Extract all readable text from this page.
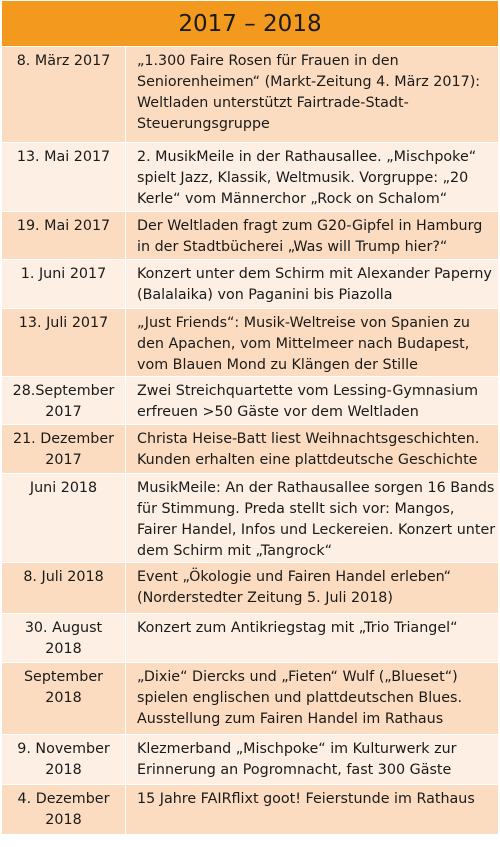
2017 – 2018	
8. März 2017	„1.300 Faire Rosen für Frauen in den Seniorenheimen“ (Markt-Zeitung 4. März 2017): Weltladen unterstützt Fairtrade-Stadt-Steuerungsgruppe
13. Mai 2017	2. MusikMeile in der Rathausallee. „Mischpoke“ spielt Jazz, Klassik, Weltmusik. Vorgruppe: „20 Kerle“ vom Männerchor „Rock on Schalom“
19. Mai 2017	Der Weltladen fragt zum G20-Gipfel in Hamburg in der Stadtbücherei „Was will Trump hier?“
1. Juni 2017	Konzert unter dem Schirm mit Alexander Paperny (Balalaika) von Paganini bis Piazolla
13. Juli 2017	„Just Friends“: Musik-Weltreise von Spanien zu den Apachen, vom Mittelmeer nach Budapest, vom Blauen Mond zu Klängen der Stille
28.September 2017	Zwei Streichquartette vom Lessing-Gymnasium erfreuen >50 Gäste vor dem Weltladen
21. Dezember 2017	Christa Heise-Batt liest Weihnachtsgeschichten. Kunden erhalten eine plattdeutsche Geschichte
Juni 2018	MusikMeile: An der Rathausallee sorgen 16 Bands für Stimmung. Preda stellt sich vor: Mangos, Fairer Handel, Infos und Leckereien. Konzert unter dem Schirm mit „Tangrock“
8. Juli 2018	Event „Ökologie und Fairen Handel erleben“ (Norderstedter Zeitung 5. Juli 2018)
30. August 2018	Konzert zum Antikriegstag mit „Trio Triangel“
September 2018	„Dixie“ Diercks und „Fieten“ Wulf („Blueset“) spielen englischen und plattdeutschen Blues. Ausstellung zum Fairen Handel im Rathaus
9. November 2018	Klezmerband „Mischpoke“ im Kulturwerk zur Erinnerung an Pogromnacht, fast 300 Gäste
4. Dezember 2018	15 Jahre FAIRflixt goot! Feierstunde im Rathaus
